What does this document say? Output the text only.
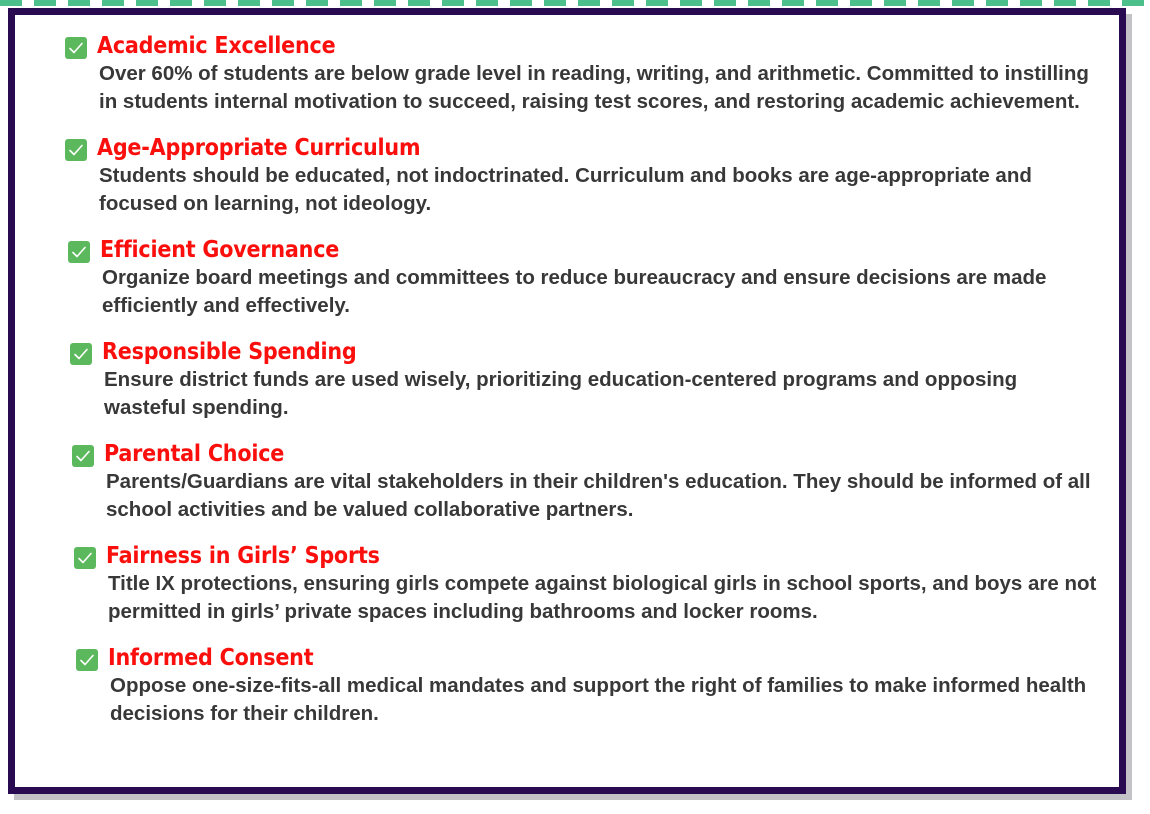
Academic Excellence

Over 60% of students are below grade level in reading, writing, and arithmetic. Committed to instilling in students internal motivation to succeed, raising test scores, and restoring academic achievement.

Age-Appropriate Curriculum

Students should be educated, not indoctrinated. Curriculum and books are age-appropriate and focused on learning, not ideology.

Efficient Governance

Organize board meetings and committees to reduce bureaucracy and ensure decisions are made efficiently and effectively.

Responsible Spending

Ensure district funds are used wisely, prioritizing education-centered programs and opposing wasteful spending.

Parental Choice

Parents/Guardians are vital stakeholders in their children's education. They should be informed of all school activities and be valued collaborative partners.

Fairness in Girls’ Sports

Title IX protections, ensuring girls compete against biological girls in school sports, and boys are not permitted in girls’ private spaces including bathrooms and locker rooms.

Informed Consent

Oppose one-size-fits-all medical mandates and support the right of families to make informed health decisions for their children.
